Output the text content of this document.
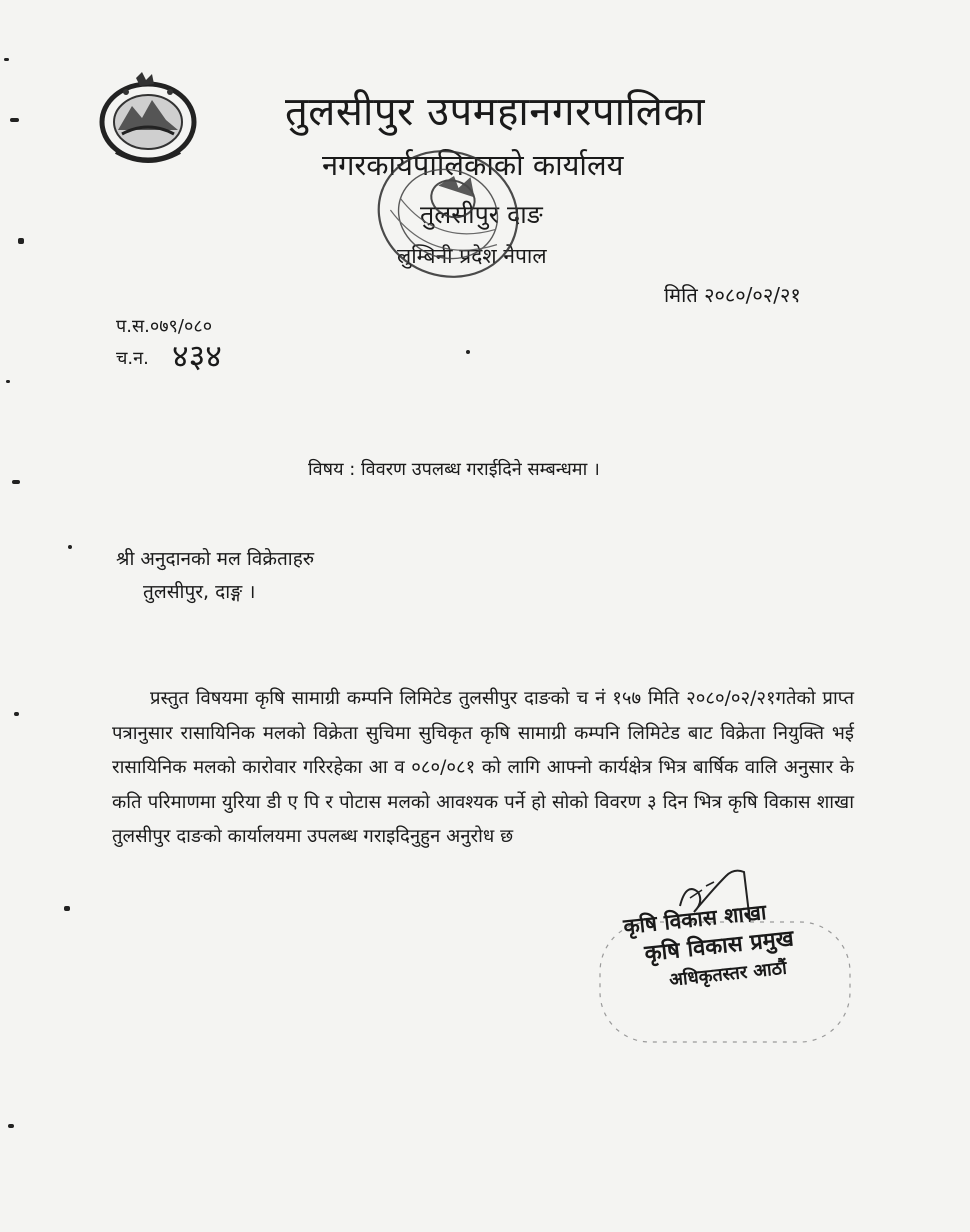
तुलसीपुर उपमहानगरपालिका
नगरकार्यपालिकाको कार्यालय
तुलसीपुर दाङ
लुम्बिनी प्रदेश नेपाल
मिति २०८०/०२/२१
प.स.०७९/०८०
च.न. ४३४
विषय : विवरण उपलब्ध गराईदिने सम्बन्धमा ।
श्री अनुदानको मल विक्रेताहरु
तुलसीपुर, दाङ्ग ।
प्रस्तुत विषयमा कृषि सामाग्री कम्पनि लिमिटेड तुलसीपुर दाङको च नं १५७ मिति २०८०/०२/२१गतेको प्राप्त पत्रानुसार रासायिनिक मलको विक्रेता सुचिमा सुचिकृत कृषि सामाग्री कम्पनि लिमिटेड बाट विक्रेता नियुक्ति भई रासायिनिक मलको कारोवार गरिरहेका आ व ०८०/०८१ को लागि आफ्नो कार्यक्षेत्र भित्र बार्षिक वालि अनुसार के कति परिमाणमा युरिया डी ए पि र पोटास मलको आवश्यक पर्ने हो सोको विवरण ३ दिन भित्र कृषि विकास शाखा तुलसीपुर दाङको कार्यालयमा उपलब्ध गराइदिनुहुन अनुरोध छ
कृषि विकास शाखा
कृषि विकास प्रमुख
अधिकृतस्तर आठौं
